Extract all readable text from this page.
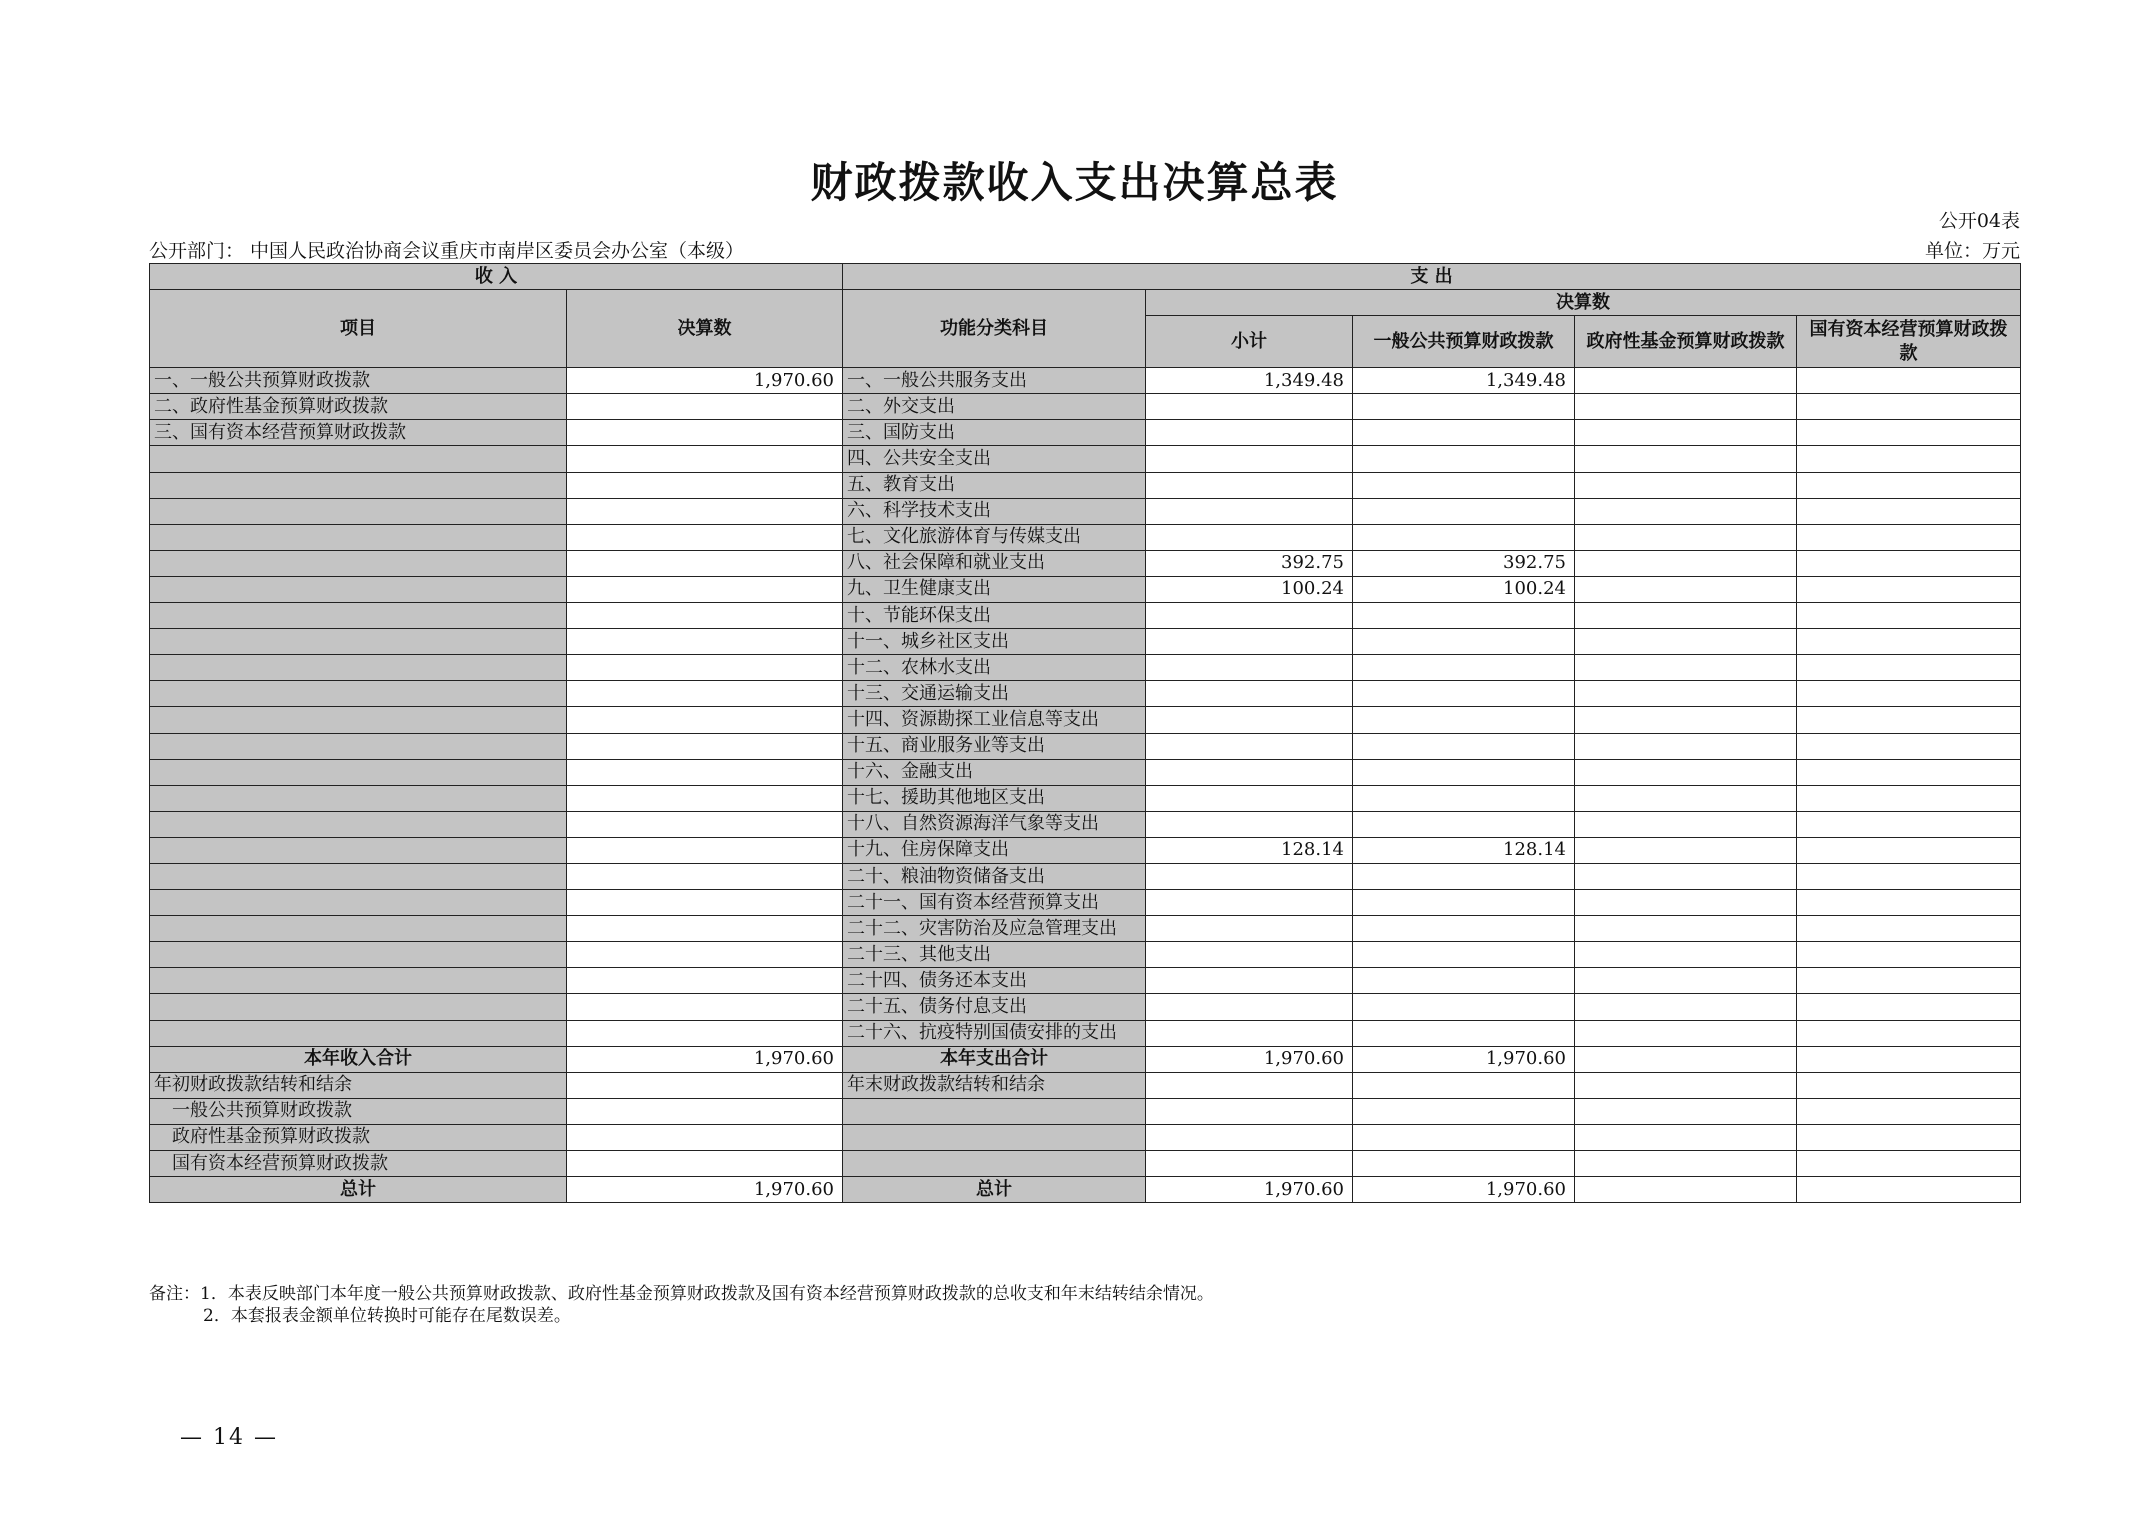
财政拨款收入支出决算总表
公开04表
公开部门： 中国人民政治协商会议重庆市南岸区委员会办公室（本级）	单位：万元
收 入		支 出				
项目	决算数	功能分类科目	决算数			
			小计	一般公共预算财政拨款	政府性基金预算财政拨款	国有资本经营预算财政拨款
一、一般公共预算财政拨款	1,970.60	一、一般公共服务支出	1,349.48	1,349.48		
二、政府性基金预算财政拨款		二、外交支出				
三、国有资本经营预算财政拨款		三、国防支出				
		四、公共安全支出				
		五、教育支出				
		六、科学技术支出				
		七、文化旅游体育与传媒支出				
		八、社会保障和就业支出	392.75	392.75		
		九、卫生健康支出	100.24	100.24		
		十、节能环保支出				
		十一、城乡社区支出				
		十二、农林水支出				
		十三、交通运输支出				
		十四、资源勘探工业信息等支出				
		十五、商业服务业等支出				
		十六、金融支出				
		十七、援助其他地区支出				
		十八、自然资源海洋气象等支出				
		十九、住房保障支出	128.14	128.14		
		二十、粮油物资储备支出				
		二十一、国有资本经营预算支出				
		二十二、灾害防治及应急管理支出				
		二十三、其他支出				
		二十四、债务还本支出				
		二十五、债务付息支出				
		二十六、抗疫特别国债安排的支出				
本年收入合计	1,970.60	本年支出合计	1,970.60	1,970.60		
年初财政拨款结转和结余		年末财政拨款结转和结余				
一般公共预算财政拨款						
政府性基金预算财政拨款						
国有资本经营预算财政拨款						
总计	1,970.60	总计	1,970.60	1,970.60		
备注：1．本表反映部门本年度一般公共预算财政拨款、政府性基金预算财政拨款及国有资本经营预算财政拨款的总收支和年末结转结余情况。
2．本套报表金额单位转换时可能存在尾数误差。
— 14 —
